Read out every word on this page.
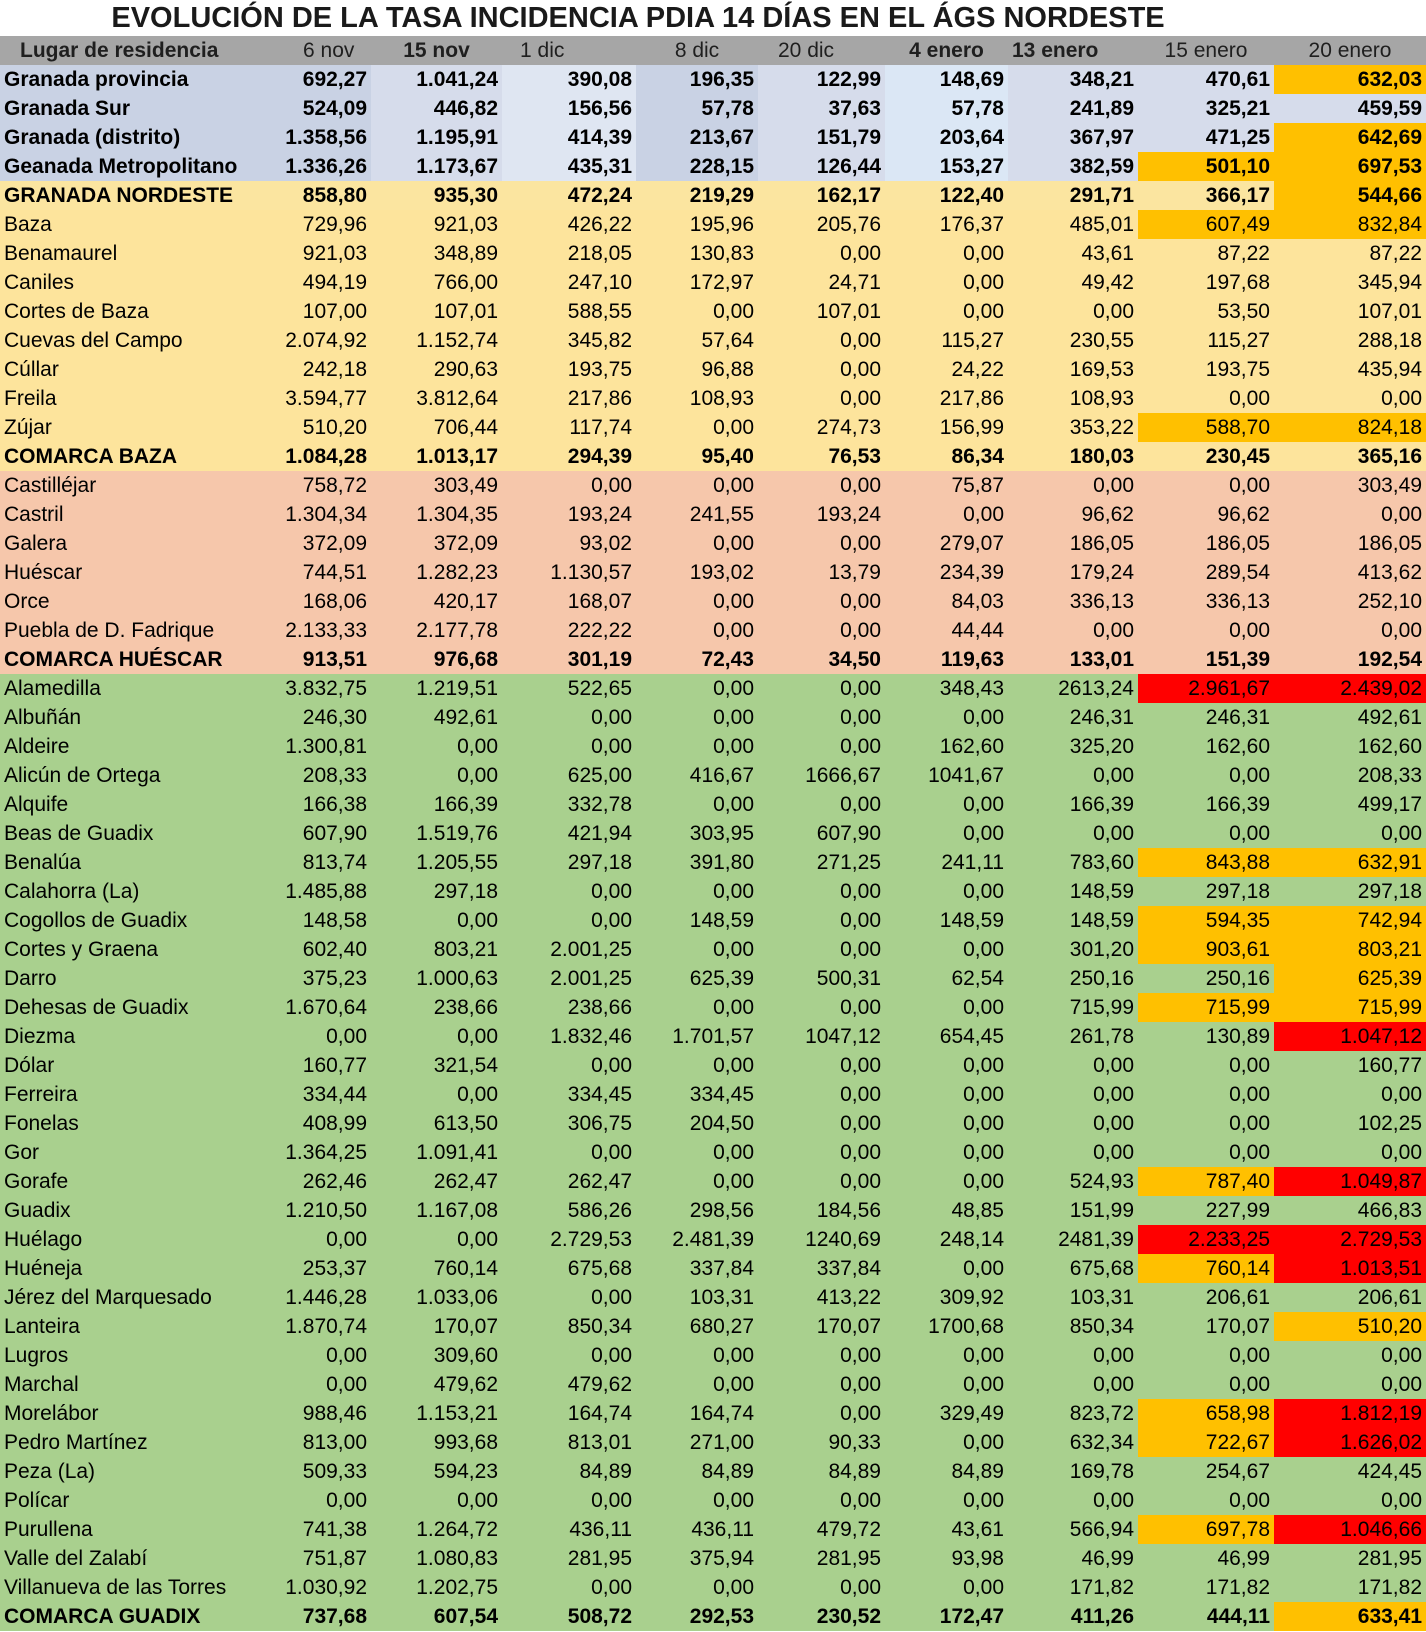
EVOLUCIÓN DE LA TASA INCIDENCIA PDIA 14 DÍAS EN EL ÁGS NORDESTE
Lugar de residencia	6 nov	15 nov	1 dic	8 dic	20 dic	4 enero	13 enero	15 enero	20 enero
Granada provincia	692,27	1.041,24	390,08	196,35	122,99	148,69	348,21	470,61	632,03
Granada Sur	524,09	446,82	156,56	57,78	37,63	57,78	241,89	325,21	459,59
Granada (distrito)	1.358,56	1.195,91	414,39	213,67	151,79	203,64	367,97	471,25	642,69
Geanada Metropolitano	1.336,26	1.173,67	435,31	228,15	126,44	153,27	382,59	501,10	697,53
GRANADA NORDESTE	858,80	935,30	472,24	219,29	162,17	122,40	291,71	366,17	544,66
Baza	729,96	921,03	426,22	195,96	205,76	176,37	485,01	607,49	832,84
Benamaurel	921,03	348,89	218,05	130,83	0,00	0,00	43,61	87,22	87,22
Caniles	494,19	766,00	247,10	172,97	24,71	0,00	49,42	197,68	345,94
Cortes de Baza	107,00	107,01	588,55	0,00	107,01	0,00	0,00	53,50	107,01
Cuevas del Campo	2.074,92	1.152,74	345,82	57,64	0,00	115,27	230,55	115,27	288,18
Cúllar	242,18	290,63	193,75	96,88	0,00	24,22	169,53	193,75	435,94
Freila	3.594,77	3.812,64	217,86	108,93	0,00	217,86	108,93	0,00	0,00
Zújar	510,20	706,44	117,74	0,00	274,73	156,99	353,22	588,70	824,18
COMARCA BAZA	1.084,28	1.013,17	294,39	95,40	76,53	86,34	180,03	230,45	365,16
Castilléjar	758,72	303,49	0,00	0,00	0,00	75,87	0,00	0,00	303,49
Castril	1.304,34	1.304,35	193,24	241,55	193,24	0,00	96,62	96,62	0,00
Galera	372,09	372,09	93,02	0,00	0,00	279,07	186,05	186,05	186,05
Huéscar	744,51	1.282,23	1.130,57	193,02	13,79	234,39	179,24	289,54	413,62
Orce	168,06	420,17	168,07	0,00	0,00	84,03	336,13	336,13	252,10
Puebla de D. Fadrique	2.133,33	2.177,78	222,22	0,00	0,00	44,44	0,00	0,00	0,00
COMARCA HUÉSCAR	913,51	976,68	301,19	72,43	34,50	119,63	133,01	151,39	192,54
Alamedilla	3.832,75	1.219,51	522,65	0,00	0,00	348,43	2613,24	2.961,67	2.439,02
Albuñán	246,30	492,61	0,00	0,00	0,00	0,00	246,31	246,31	492,61
Aldeire	1.300,81	0,00	0,00	0,00	0,00	162,60	325,20	162,60	162,60
Alicún de Ortega	208,33	0,00	625,00	416,67	1666,67	1041,67	0,00	0,00	208,33
Alquife	166,38	166,39	332,78	0,00	0,00	0,00	166,39	166,39	499,17
Beas de Guadix	607,90	1.519,76	421,94	303,95	607,90	0,00	0,00	0,00	0,00
Benalúa	813,74	1.205,55	297,18	391,80	271,25	241,11	783,60	843,88	632,91
Calahorra (La)	1.485,88	297,18	0,00	0,00	0,00	0,00	148,59	297,18	297,18
Cogollos de Guadix	148,58	0,00	0,00	148,59	0,00	148,59	148,59	594,35	742,94
Cortes y Graena	602,40	803,21	2.001,25	0,00	0,00	0,00	301,20	903,61	803,21
Darro	375,23	1.000,63	2.001,25	625,39	500,31	62,54	250,16	250,16	625,39
Dehesas de Guadix	1.670,64	238,66	238,66	0,00	0,00	0,00	715,99	715,99	715,99
Diezma	0,00	0,00	1.832,46	1.701,57	1047,12	654,45	261,78	130,89	1.047,12
Dólar	160,77	321,54	0,00	0,00	0,00	0,00	0,00	0,00	160,77
Ferreira	334,44	0,00	334,45	334,45	0,00	0,00	0,00	0,00	0,00
Fonelas	408,99	613,50	306,75	204,50	0,00	0,00	0,00	0,00	102,25
Gor	1.364,25	1.091,41	0,00	0,00	0,00	0,00	0,00	0,00	0,00
Gorafe	262,46	262,47	262,47	0,00	0,00	0,00	524,93	787,40	1.049,87
Guadix	1.210,50	1.167,08	586,26	298,56	184,56	48,85	151,99	227,99	466,83
Huélago	0,00	0,00	2.729,53	2.481,39	1240,69	248,14	2481,39	2.233,25	2.729,53
Huéneja	253,37	760,14	675,68	337,84	337,84	0,00	675,68	760,14	1.013,51
Jérez del Marquesado	1.446,28	1.033,06	0,00	103,31	413,22	309,92	103,31	206,61	206,61
Lanteira	1.870,74	170,07	850,34	680,27	170,07	1700,68	850,34	170,07	510,20
Lugros	0,00	309,60	0,00	0,00	0,00	0,00	0,00	0,00	0,00
Marchal	0,00	479,62	479,62	0,00	0,00	0,00	0,00	0,00	0,00
Morelábor	988,46	1.153,21	164,74	164,74	0,00	329,49	823,72	658,98	1.812,19
Pedro Martínez	813,00	993,68	813,01	271,00	90,33	0,00	632,34	722,67	1.626,02
Peza (La)	509,33	594,23	84,89	84,89	84,89	84,89	169,78	254,67	424,45
Polícar	0,00	0,00	0,00	0,00	0,00	0,00	0,00	0,00	0,00
Purullena	741,38	1.264,72	436,11	436,11	479,72	43,61	566,94	697,78	1.046,66
Valle del Zalabí	751,87	1.080,83	281,95	375,94	281,95	93,98	46,99	46,99	281,95
Villanueva de las Torres	1.030,92	1.202,75	0,00	0,00	0,00	0,00	171,82	171,82	171,82
COMARCA GUADIX	737,68	607,54	508,72	292,53	230,52	172,47	411,26	444,11	633,41
